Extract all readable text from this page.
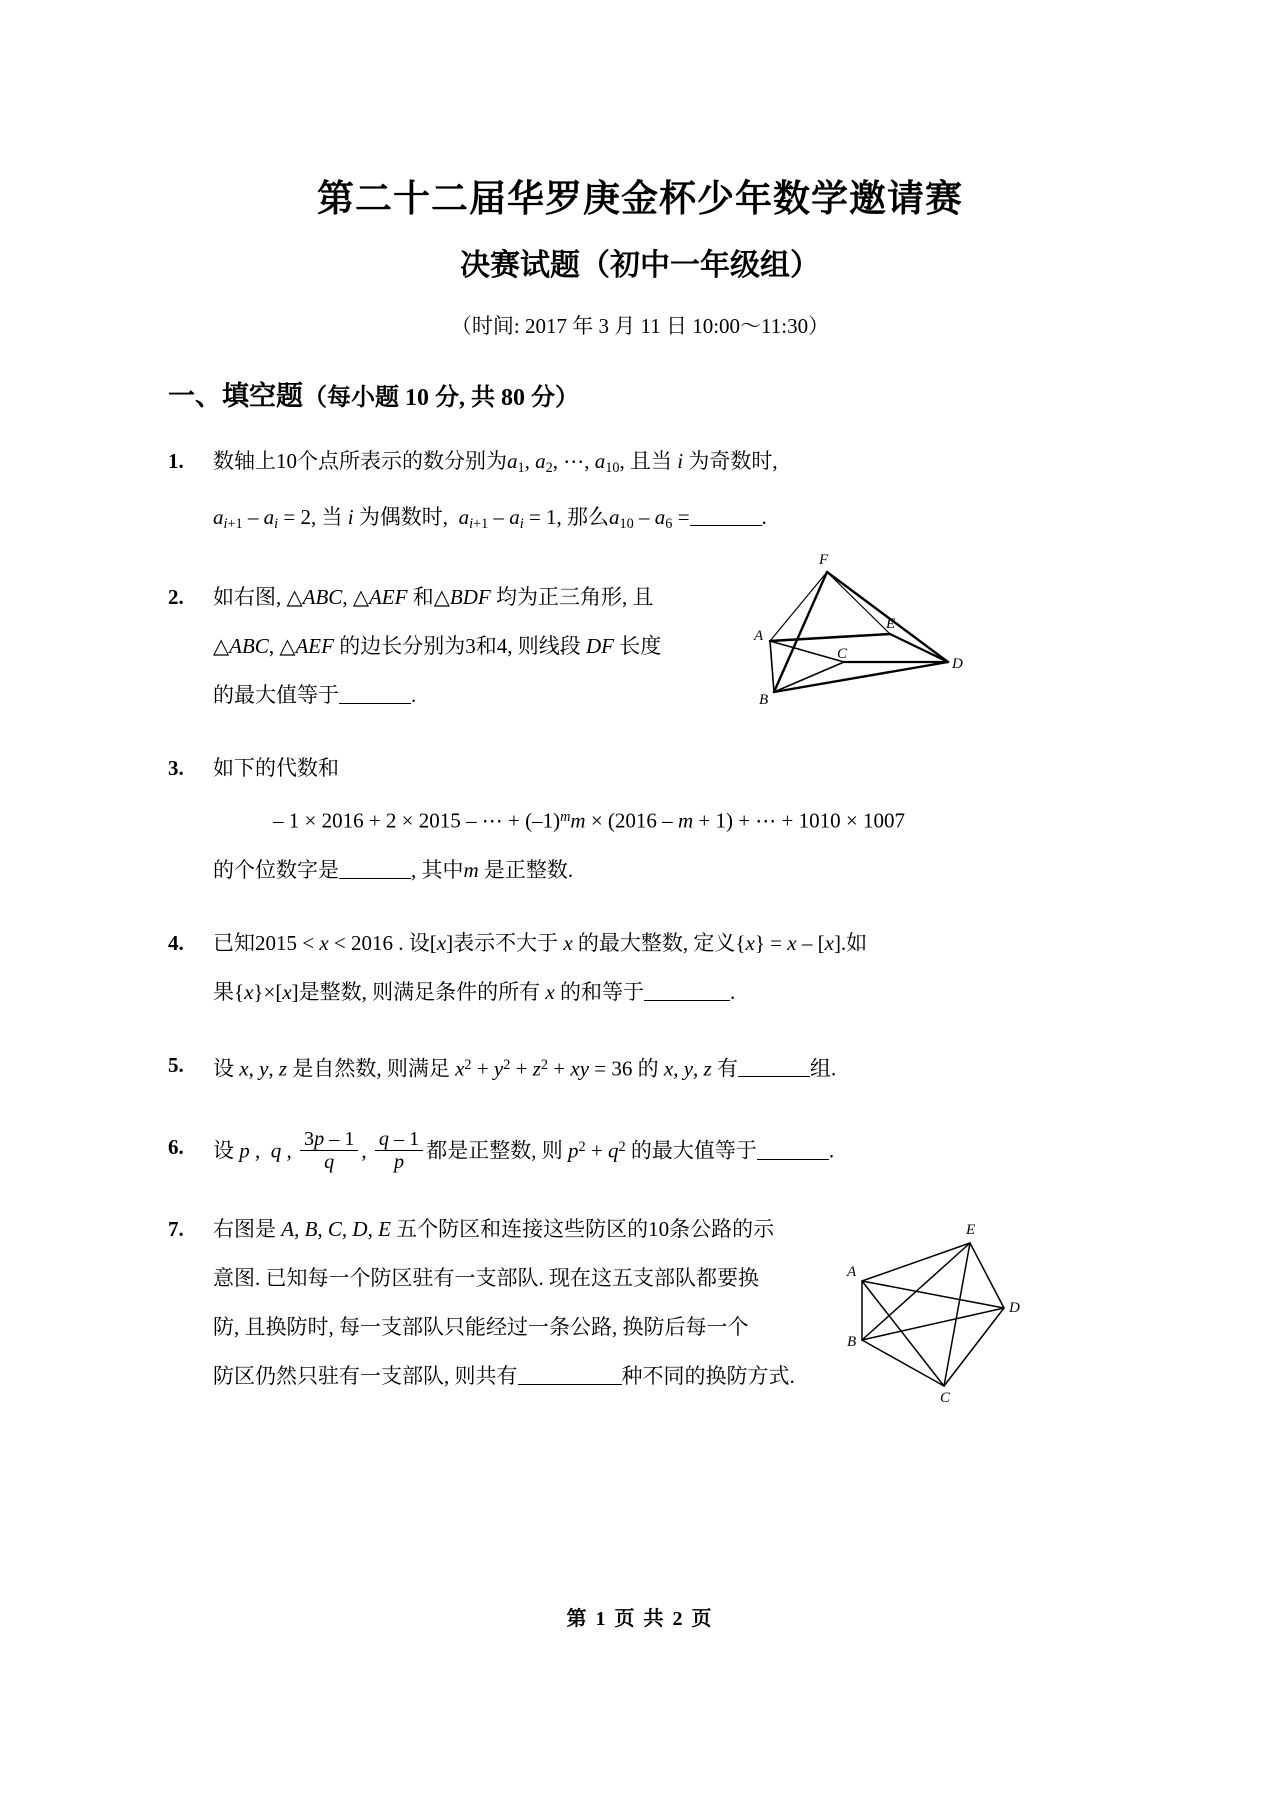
第二十二届华罗庚金杯少年数学邀请赛
决赛试题（初中一年级组）
（时间: 2017 年 3 月 11 日 10:00～11:30）
一、填空题（每小题 10 分, 共 80 分）
1.	数轴上10个点所表示的数分别为$a_1$, $a_2$, ⋯, $a_{10}$, 且当 i 为奇数时,
$a_{i+1} - a_i = 2$, 当 i 为偶数时,  $a_{i+1} - a_i = 1$, 那么$a_{10} - a_6$ =	.
2.	如右图, △ABC, △AEF 和△BDF 均为正三角形, 且
△ABC, △AEF 的边长分别为3和4, 则线段 DF 长度
的最大值等于	.
F
A
E
C
B
D
3.	如下的代数和
– 1 × 2016 + 2 × 2015 – ⋯ + $(-1)^mm \times (2016 - m + 1)$ + ⋯ + 1010 × 1007
的个位数字是	, 其中m 是正整数.
4.	已知2015 < x < 2016 . 设[x]表示不大于 x 的最大整数, 定义{x} = x – [x].如
果{x}×[x]是整数, 则满足条件的所有 x 的和等于	.
5.	设 x, y, z 是自然数, 则满足 $x^2 + y^2 + z^2$ + xy = 36 的 x, y, z 有	组.
6.	设 p ,  q , $\frac{3p - 1}{q}$ , $\frac{q - 1}{p}$ 都是正整数, 则 $p^2 + q^2$ 的最大值等于	.
7.	右图是 A, B, C, D, E 五个防区和连接这些防区的10条公路的示
意图. 已知每一个防区驻有一支部队. 现在这五支部队都要换
防, 且换防时, 每一支部队只能经过一条公路, 换防后每一个
防区仍然只驻有一支部队, 则共有	种不同的换防方式.
E
A
D
B
C
第 1 页 共 2 页
